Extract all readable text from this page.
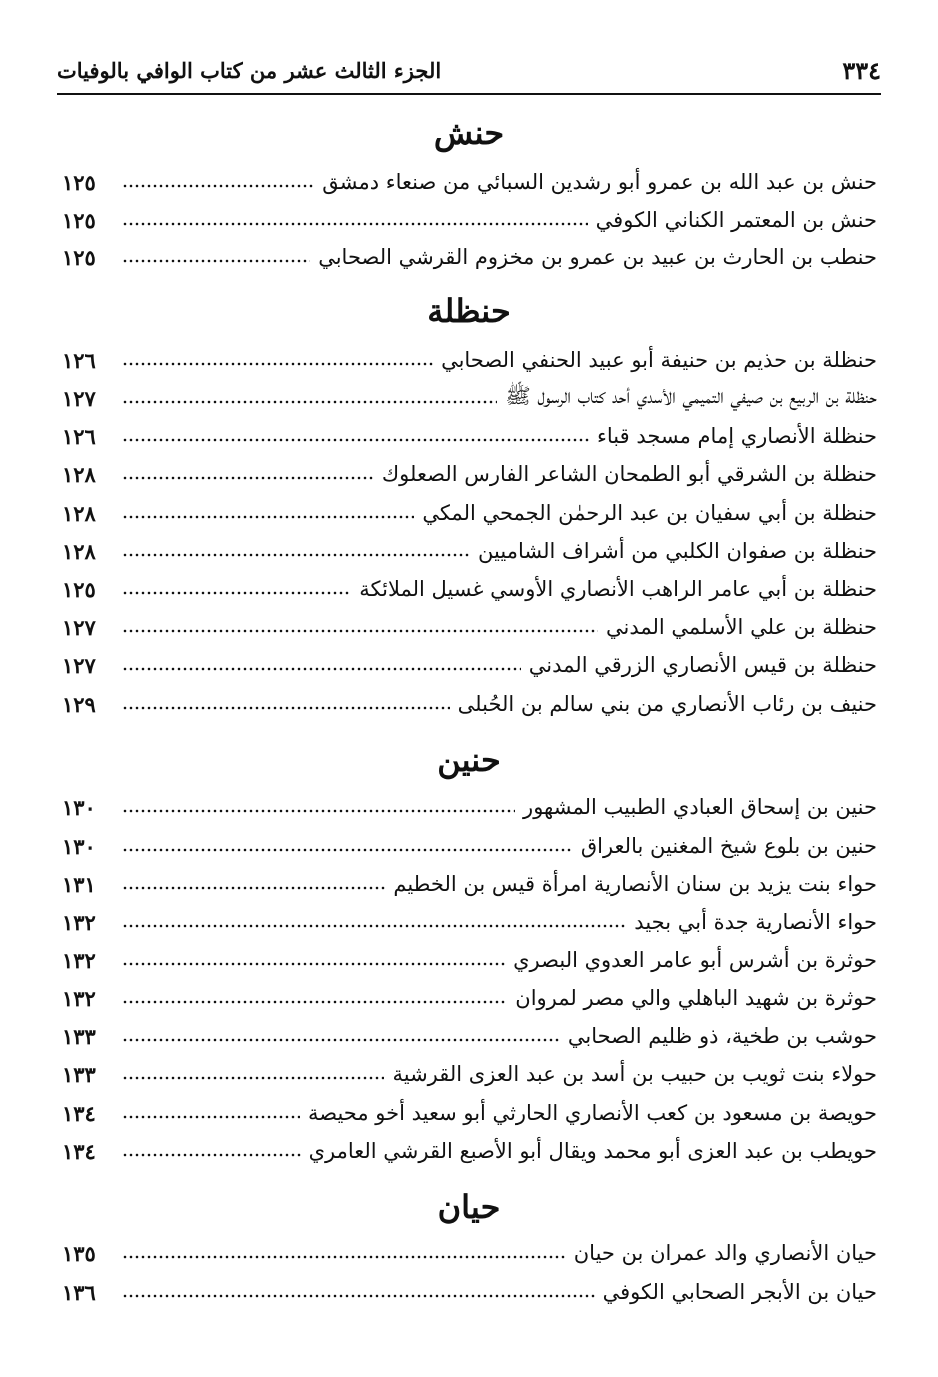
٣٣٤
الجزء الثالث عشر من كتاب الوافي بالوفيات
حنش
حنش بن عبد الله بن عمرو أبو رشدين السبائي من صنعاء دمشق
١٢٥
حنش بن المعتمر الكناني الكوفي
١٢٥
حنطب بن الحارث بن عبيد بن عمرو بن مخزوم القرشي الصحابي
١٢٥
حنظلة
حنظلة بن حذيم بن حنيفة أبو عبيد الحنفي الصحابي
١٢٦
حنظلة بن الربيع بن صيفي التميمي الأسدي أحد كتاب الرسول ﷺ
١٢٧
حنظلة الأنصاري إمام مسجد قباء
١٢٦
حنظلة بن الشرقي أبو الطمحان الشاعر الفارس الصعلوك
١٢٨
حنظلة بن أبي سفيان بن عبد الرحمٰن الجمحي المكي
١٢٨
حنظلة بن صفوان الكلبي من أشراف الشاميين
١٢٨
حنظلة بن أبي عامر الراهب الأنصاري الأوسي غسيل الملائكة
١٢٥
حنظلة بن علي الأسلمي المدني
١٢٧
حنظلة بن قيس الأنصاري الزرقي المدني
١٢٧
حنيف بن رئاب الأنصاري من بني سالم بن الحُبلى
١٢٩
حنين
حنين بن إسحاق العبادي الطبيب المشهور
١٣٠
حنين بن بلوع شيخ المغنين بالعراق
١٣٠
حواء بنت يزيد بن سنان الأنصارية امرأة قيس بن الخطيم
١٣١
حواء الأنصارية جدة أبي بجيد
١٣٢
حوثرة بن أشرس أبو عامر العدوي البصري
١٣٢
حوثرة بن شهيد الباهلي والي مصر لمروان
١٣٢
حوشب بن طخية، ذو ظليم الصحابي
١٣٣
حولاء بنت ثويب بن حبيب بن أسد بن عبد العزى القرشية
١٣٣
حويصة بن مسعود بن كعب الأنصاري الحارثي أبو سعيد أخو محيصة
١٣٤
حويطب بن عبد العزى أبو محمد ويقال أبو الأصبع القرشي العامري
١٣٤
حيان
حيان الأنصاري والد عمران بن حيان
١٣٥
حيان بن الأبجر الصحابي الكوفي
١٣٦
